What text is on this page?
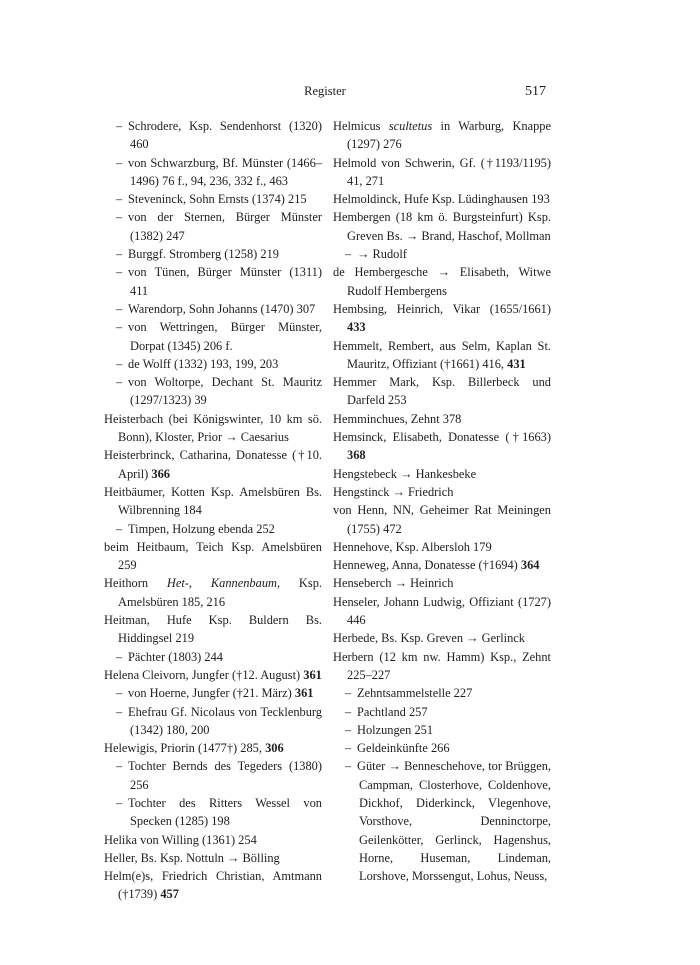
Register	517

– Schrodere, Ksp. Sendenhorst (1320) 460

– von Schwarzburg, Bf. Münster (1466–1496) 76 f., 94, 236, 332 f., 463

– Steveninck, Sohn Ernsts (1374) 215

– von der Sternen, Bürger Münster (1382) 247

– Burggf. Stromberg (1258) 219

– von Tünen, Bürger Münster (1311) 411

– Warendorp, Sohn Johanns (1470) 307

– von Wettringen, Bürger Münster, Dorpat (1345) 206 f.

– de Wolff (1332) 193, 199, 203

– von Woltorpe, Dechant St. Mauritz (1297/1323) 39

Heisterbach (bei Königswinter, 10 km sö. Bonn), Kloster, Prior → Caesarius

Heisterbrinck, Catharina, Donatesse (†10. April) 366

Heitbäumer, Kotten Ksp. Amelsbüren Bs. Wilbrenning 184

– Timpen, Holzung ebenda 252

beim Heitbaum, Teich Ksp. Amelsbüren 259

Heithorn Het-, Kannenbaum, Ksp. Amelsbüren 185, 216

Heitman, Hufe Ksp. Buldern Bs. Hiddingsel 219

– Pächter (1803) 244

Helena Cleivorn, Jungfer (†12. August) 361

– von Hoerne, Jungfer (†21. März) 361

– Ehefrau Gf. Nicolaus von Tecklenburg (1342) 180, 200

Helewigis, Priorin (1477†) 285, 306

– Tochter Bernds des Tegeders (1380) 256

– Tochter des Ritters Wessel von Specken (1285) 198

Helika von Willing (1361) 254

Heller, Bs. Ksp. Nottuln → Bölling

Helm(e)s, Friedrich Christian, Amtmann (†1739) 457

Helmicus scultetus in Warburg, Knappe (1297) 276

Helmold von Schwerin, Gf. (†1193/1195) 41, 271

Helmoldinck, Hufe Ksp. Lüdinghausen 193

Hembergen (18 km ö. Burgsteinfurt) Ksp. Greven Bs. → Brand, Haschof, Mollman

– → Rudolf

de Hembergesche → Elisabeth, Witwe Rudolf Hembergens

Hembsing, Heinrich, Vikar (1655/1661) 433

Hemmelt, Rembert, aus Selm, Kaplan St. Mauritz, Offiziant (†1661) 416, 431

Hemmer Mark, Ksp. Billerbeck und Darfeld 253

Hemminchues, Zehnt 378

Hemsinck, Elisabeth, Donatesse (†1663) 368

Hengstebeck → Hankesbeke

Hengstinck → Friedrich

von Henn, NN, Geheimer Rat Meiningen (1755) 472

Hennehove, Ksp. Albersloh 179

Henneweg, Anna, Donatesse (†1694) 364

Henseberch → Heinrich

Henseler, Johann Ludwig, Offiziant (1727) 446

Herbede, Bs. Ksp. Greven → Gerlinck

Herbern (12 km nw. Hamm) Ksp., Zehnt 225–227

– Zehntsammelstelle 227

– Pachtland 257

– Holzungen 251

– Geldeinkünfte 266

– Güter → Benneschehove, tor Brüggen, Campman, Closterhove, Coldenhove, Dickhof, Diderkinck, Vlegenhove, Vorsthove, Denninctorpe, Geilenkötter, Gerlinck, Hagenshus, Horne, Huseman, Lindeman, Lorshove, Morssengut, Lohus, Neuss,
